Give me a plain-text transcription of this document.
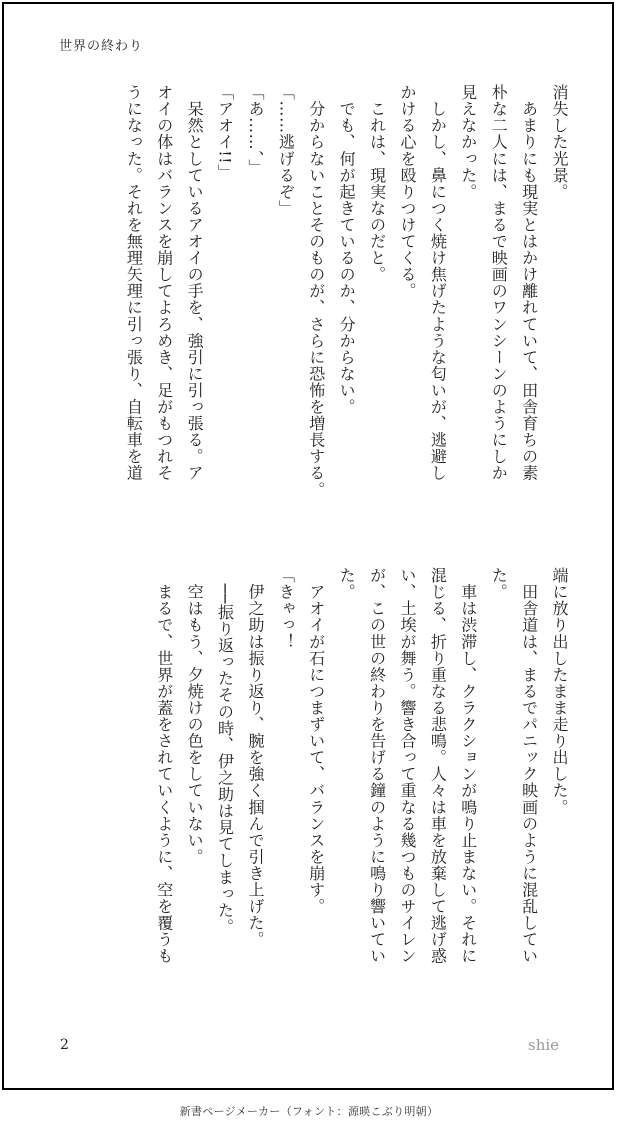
世界の終わり

消失した光景。

　あまりにも現実とはかけ離れていて、田舎育ちの素

朴な二人には、まるで映画のワンシーンのようにしか

見えなかった。

　しかし、鼻につく焼け焦げたような匂いが、逃避し

かける心を殴りつけてくる。

　これは、現実なのだと。

　でも、何が起きているのか、分からない。

　分からないことそのものが、さらに恐怖を増長する。

「……逃げるぞ」

「あ……、」

「アオイ!!」

　呆然としているアオイの手を、強引に引っ張る。ア

オイの体はバランスを崩してよろめき、足がもつれそ

うになった。それを無理矢理に引っ張り、自転車を道

端に放り出したまま走り出した。

　田舎道は、まるでパニック映画のように混乱してい

た。

　車は渋滞し、クラクションが鳴り止まない。それに

混じる、折り重なる悲鳴。人々は車を放棄して逃げ惑

い、土埃が舞う。響き合って重なる幾つものサイレン

が、この世の終わりを告げる鐘のように鳴り響いてい

た。

　アオイが石につまずいて、バランスを崩す。

「きゃっ！

　伊之助は振り返り、腕を強く掴んで引き上げた。

　──振り返ったその時、伊之助は見てしまった。

　空はもう、夕焼けの色をしていない。

　まるで、世界が蓋をされていくように、空を覆うも

2	shie
新書ページメーカー（フォント：源暎こぶり明朝）
